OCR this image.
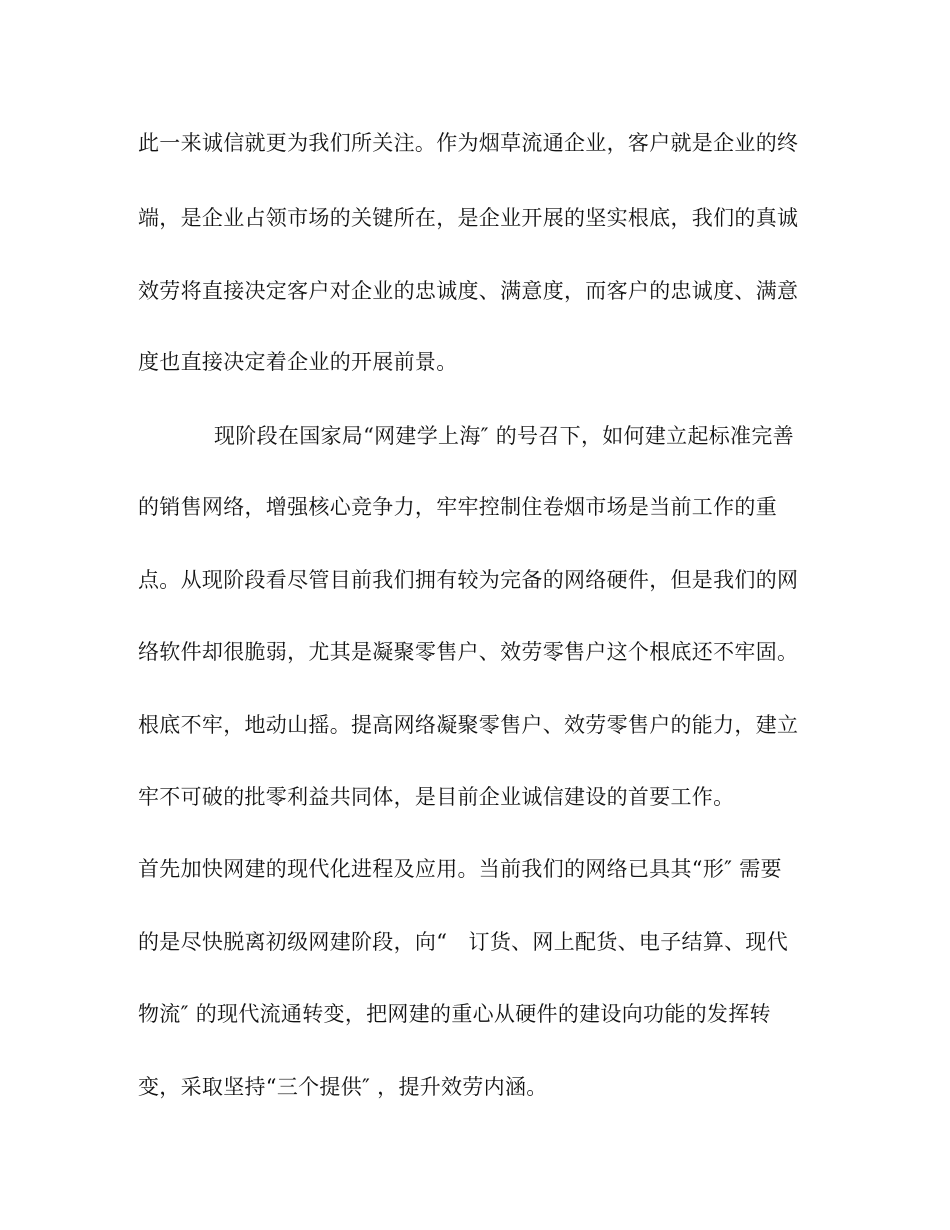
此一来诚信就更为我们所关注。作为烟草流通企业，客户就是企业的终
端，是企业占领市场的关键所在，是企业开展的坚实根底，我们的真诚
效劳将直接决定客户对企业的忠诚度、满意度，而客户的忠诚度、满意
度也直接决定着企业的开展前景。
现阶段在国家局“网建学上海″ 的号召下，如何建立起标准完善
的销售网络，增强核心竞争力，牢牢控制住卷烟市场是当前工作的重
点。从现阶段看尽管目前我们拥有较为完备的网络硬件，但是我们的网
络软件却很脆弱，尤其是凝聚零售户、效劳零售户这个根底还不牢固。
根底不牢，地动山摇。提高网络凝聚零售户、效劳零售户的能力，建立
牢不可破的批零利益共同体，是目前企业诚信建设的首要工作。
首先加快网建的现代化进程及应用。当前我们的网络已具其“形″ 需要
的是尽快脱离初级网建阶段，向“　订货、网上配货、电子结算、现代
物流″ 的现代流通转变，把网建的重心从硬件的建设向功能的发挥转
变，采取坚持“三个提供″ ，提升效劳内涵。
